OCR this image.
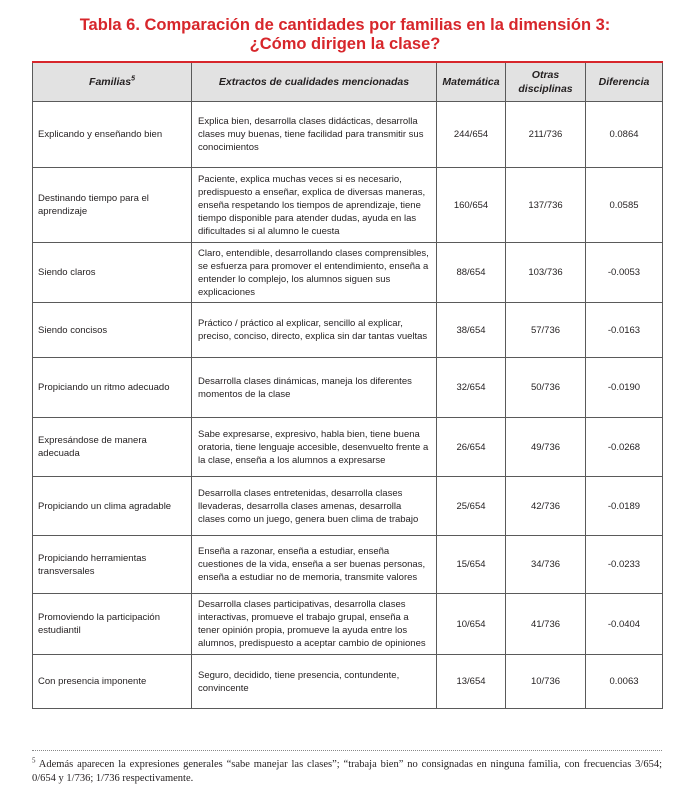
Tabla 6. Comparación de cantidades por familias en la dimensión 3:
¿Cómo dirigen la clase?
Familias$^5$	Extractos de cualidades mencionadas	Matemática	Otras
disciplinas	Diferencia
Explicando y enseñando bien	Explica bien, desarrolla clases didácticas, desarrolla clases muy buenas, tiene facilidad para transmitir sus conocimientos	244/654	211/736	0.0864
Destinando tiempo para el aprendizaje	Paciente, explica muchas veces si es necesario, predispuesto a enseñar, explica de diversas maneras, enseña respetando los tiempos de aprendizaje, tiene tiempo disponible para atender dudas, ayuda en las dificultades si al alumno le cuesta	160/654	137/736	0.0585
Siendo claros	Claro, entendible, desarrollando clases comprensibles, se esfuerza para promover el entendimiento, enseña a entender lo complejo, los alumnos siguen sus explicaciones	88/654	103/736	-0.0053
Siendo concisos	Práctico / práctico al explicar, sencillo al explicar, preciso, conciso, directo, explica sin dar tantas vueltas	38/654	57/736	-0.0163
Propiciando un ritmo adecuado	Desarrolla clases dinámicas, maneja los diferentes momentos de la clase	32/654	50/736	-0.0190
Expresándose de manera adecuada	Sabe expresarse, expresivo, habla bien, tiene buena oratoria, tiene lenguaje accesible, desenvuelto frente a la clase, enseña a los alumnos a expresarse	26/654	49/736	-0.0268
Propiciando un clima agradable	Desarrolla clases entretenidas, desarrolla clases llevaderas, desarrolla clases amenas, desarrolla clases como un juego, genera buen clima de trabajo	25/654	42/736	-0.0189
Propiciando herramientas transversales	Enseña a razonar, enseña a estudiar, enseña cuestiones de la vida, enseña a ser buenas personas, enseña a estudiar no de memoria, transmite valores	15/654	34/736	-0.0233
Promoviendo la participación estudiantil	Desarrolla clases participativas, desarrolla clases interactivas, promueve el trabajo grupal, enseña a tener opinión propia, promueve la ayuda entre los alumnos, predispuesto a aceptar cambio de opiniones	10/654	41/736	-0.0404
Con presencia imponente	Seguro, decidido, tiene presencia, contundente, convincente	13/654	10/736	0.0063
$^5$ Además aparecen la expresiones generales “sabe manejar las clases”; “trabaja bien” no consignadas en ninguna familia, con frecuencias 3/654; 0/654 y 1/736; 1/736 respectivamente.
